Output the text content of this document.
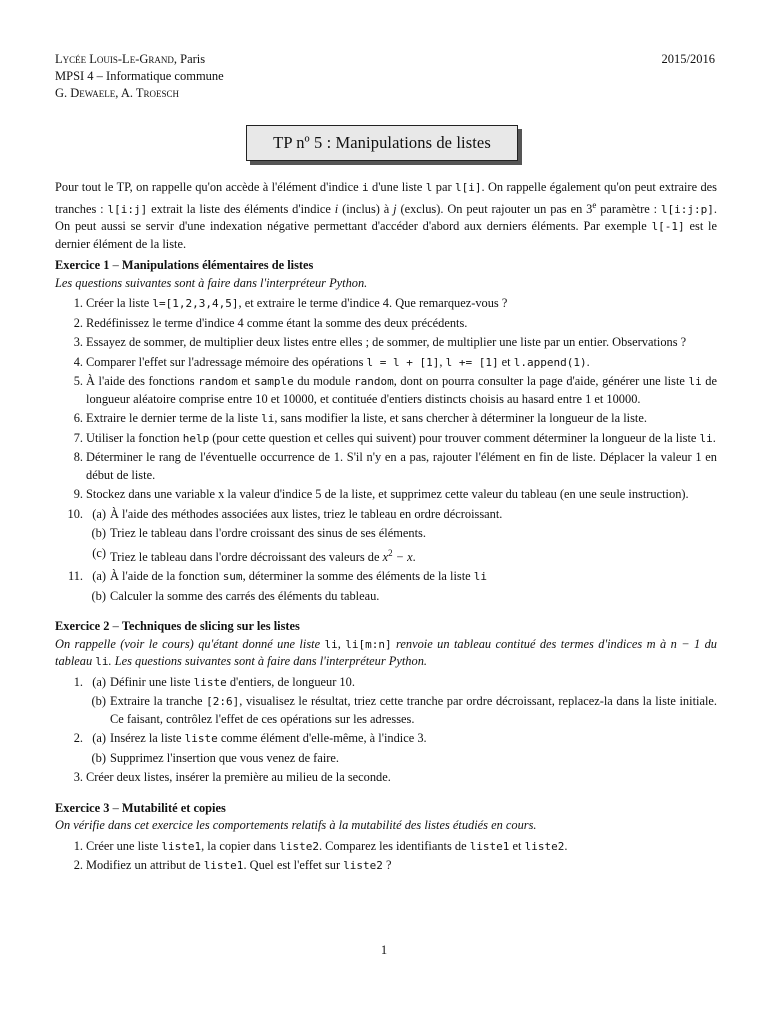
Lycée Louis-Le-Grand, Paris	2015/2016
MPSI 4 – Informatique commune
G. Dewaele, A. Troesch
TP nº 5 : Manipulations de listes

Pour tout le TP, on rappelle qu'on accède à l'élément d'indice i d'une liste l par l[i]. On rappelle également qu'on peut extraire des tranches : l[i:j] extrait la liste des éléments d'indice i (inclus) à j (exclus). On peut rajouter un pas en 3e paramètre : l[i:j:p]. On peut aussi se servir d'une indexation négative permettant d'accéder d'abord aux derniers éléments. Par exemple l[-1] est le dernier élément de la liste.

Exercice 1 – Manipulations élémentaires de listes

Les questions suivantes sont à faire dans l'interpréteur Python.

1. Créer la liste l=[1,2,3,4,5], et extraire le terme d'indice 4. Que remarquez-vous ?
2. Redéfinissez le terme d'indice 4 comme étant la somme des deux précédents.
3. Essayez de sommer, de multiplier deux listes entre elles ; de sommer, de multiplier une liste par un entier. Observations ?
4. Comparer l'effet sur l'adressage mémoire des opérations l = l + [1], l += [1] et l.append(1).
5. À l'aide des fonctions random et sample du module random, dont on pourra consulter la page d'aide, générer une liste li de longueur aléatoire comprise entre 10 et 10000, et contituée d'entiers distincts choisis au hasard entre 1 et 10000.
6. Extraire le dernier terme de la liste li, sans modifier la liste, et sans chercher à déterminer la longueur de la liste.
7. Utiliser la fonction help (pour cette question et celles qui suivent) pour trouver comment déterminer la longueur de la liste li.
8. Déterminer le rang de l'éventuelle occurrence de 1. S'il n'y en a pas, rajouter l'élément en fin de liste. Déplacer la valeur 1 en début de liste.
9. Stockez dans une variable x la valeur d'indice 5 de la liste, et supprimez cette valeur du tableau (en une seule instruction).
10. (a) À l'aide des méthodes associées aux listes, triez le tableau en ordre décroissant.
(b) Triez le tableau dans l'ordre croissant des sinus de ses éléments.
(c) Triez le tableau dans l'ordre décroissant des valeurs de $x^2 - x$.
11. (a) À l'aide de la fonction sum, déterminer la somme des éléments de la liste li
(b) Calculer la somme des carrés des éléments du tableau.

Exercice 2 – Techniques de slicing sur les listes

On rappelle (voir le cours) qu'étant donné une liste li, li[m:n] renvoie un tableau contitué des termes d'indices m à n − 1 du tableau li. Les questions suivantes sont à faire dans l'interpréteur Python.

1. (a) Définir une liste liste d'entiers, de longueur 10.
(b) Extraire la tranche [2:6], visualisez le résultat, triez cette tranche par ordre décroissant, replacez-la dans la liste initiale. Ce faisant, contrôlez l'effet de ces opérations sur les adresses.
2. (a) Insérez la liste liste comme élément d'elle-même, à l'indice 3.
(b) Supprimez l'insertion que vous venez de faire.
3. Créer deux listes, insérer la première au milieu de la seconde.

Exercice 3 – Mutabilité et copies

On vérifie dans cet exercice les comportements relatifs à la mutabilité des listes étudiés en cours.

1. Créer une liste liste1, la copier dans liste2. Comparez les identifiants de liste1 et liste2.
2. Modifiez un attribut de liste1. Quel est l'effet sur liste2 ?
1
